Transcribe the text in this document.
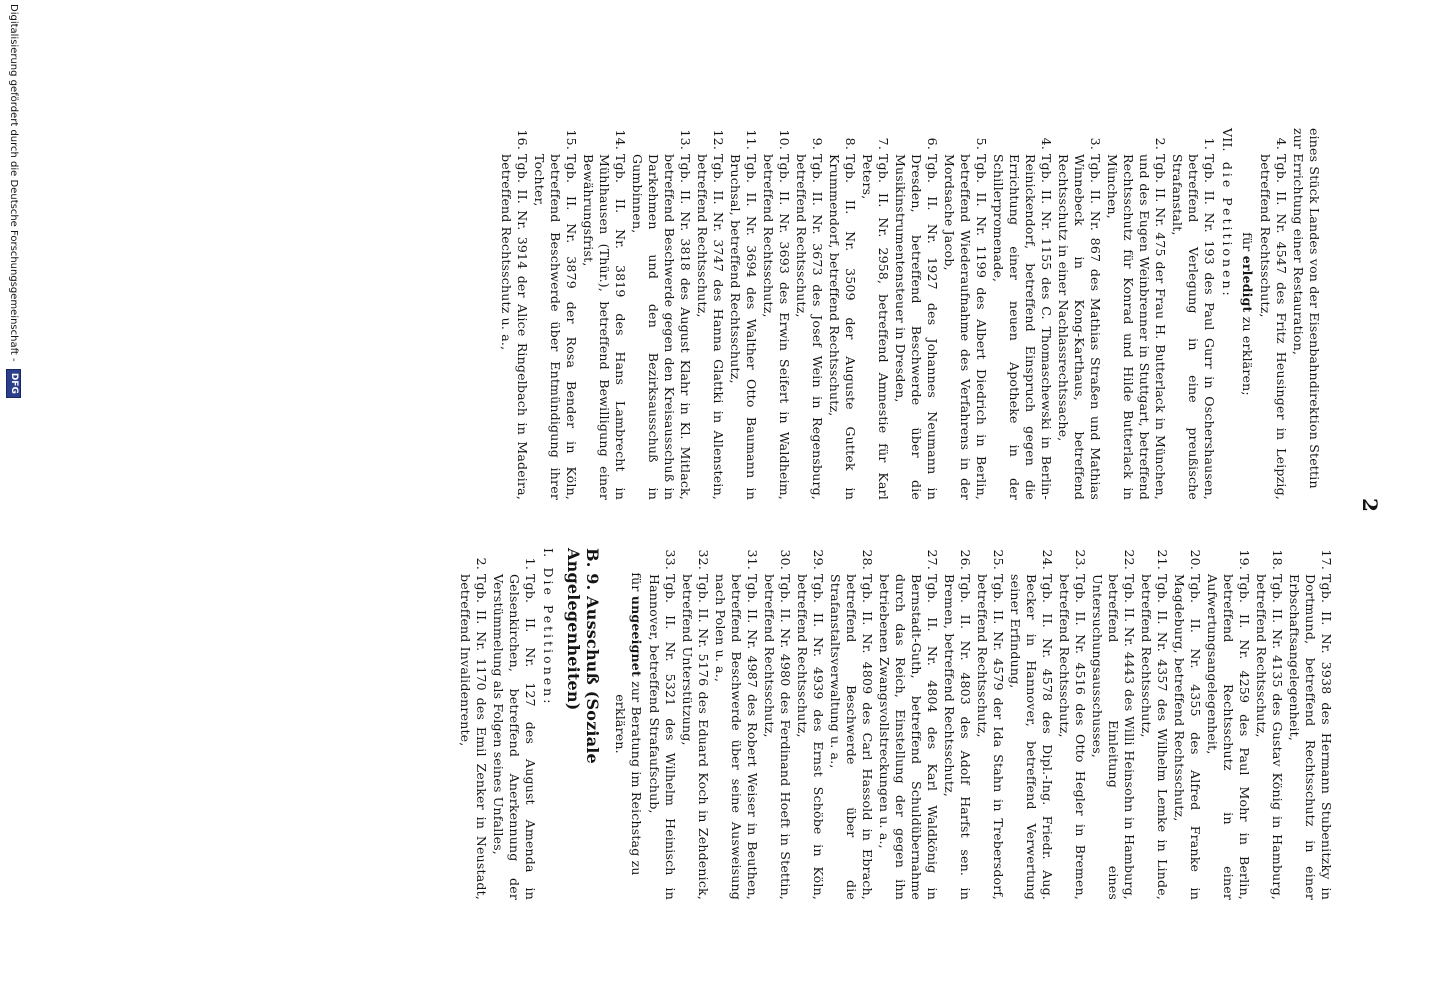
2

eines Stück Landes von der Eisenbahndirektion Stettin zur Errichtung einer Restauration,

4.
Tgb. II. Nr. 4547 des Fritz Heusinger in Leipzig, betreffend Rechtsschutz,
für erledigt zu erklären;
VII. die Petitionen:
1.
Tgb. II. Nr. 193 des Paul Gurr in Oschershausen, betreffend Verlegung in eine preußische Strafanstalt,
2.
Tgb. II. Nr. 475 der Frau H. Butterlack in München, und des Eugen Weinbrenner in Stuttgart, betreffend Rechtsschutz für Konrad und Hilde Butterlack in München,
3.
Tgb. II. Nr. 867 des Mathias Straßen und Mathias Winnebeck in Kong-Karthaus, betreffend Rechtsschutz in einer Nachlassrechtssache,
4.
Tgb. II. Nr. 1155 des C. Thomaschewski in Berlin-Reinickendorf, betreffend Einspruch gegen die Errichtung einer neuen Apotheke in der Schillerpromenade,
5.
Tgb. II. Nr. 1199 des Albert Diedrich in Berlin, betreffend Wiederaufnahme des Verfahrens in der Mordsache Jacob,
6.
Tgb. II. Nr. 1927 des Johannes Neumann in Dresden, betreffend Beschwerde über die Musikinstrumentensteuer in Dresden,
7.
Tgb. II. Nr. 2958, betreffend Amnestie für Karl Peters,
8.
Tgb. II. Nr. 3509 der Auguste Guttek in Krummendorf, betreffend Rechtsschutz,
9.
Tgb. II. Nr. 3673 des Josef Wein in Regensburg, betreffend Rechtsschutz,
10.
Tgb. II. Nr. 3693 des Erwin Seifert in Waldheim, betreffend Rechtsschutz,
11.
Tgb. II. Nr. 3694 des Walther Otto Baumann in Bruchsal, betreffend Rechtsschutz,
12.
Tgb. II. Nr. 3747 des Hanna Glattki in Allenstein, betreffend Rechtsschutz,
13.
Tgb. II. Nr. 3818 des August Klahr in Kl. Mitlack, betreffend Beschwerde gegen den Kreisausschuß in Darkehmen und den Bezirksausschuß in Gumbinnen,
14.
Tgb. II. Nr. 3819 des Hans Lambrecht in Mühlhausen (Thür.), betreffend Bewilligung einer Bewährungsfrist,
15.
Tgb. II. Nr. 3879 der Rosa Bender in Köln, betreffend Beschwerde über Entmündigung ihrer Tochter,
16.
Tgb. II. Nr. 3914 der Alice Ringelbach in Madeira, betreffend Rechtsschutz u. a.,
17.
Tgb. II. Nr. 3938 des Hermann Stubenitzky in Dortmund, betreffend Rechtsschutz in einer Erbschaftsangelegenheit,
18.
Tgb. II. Nr. 4135 des Gustav König in Hamburg, betreffend Rechtsschutz,
19.
Tgb. II. Nr. 4259 des Paul Mohr in Berlin, betreffend Rechtsschutz in einer Aufwertungsangelegenheit,
20.
Tgb. II. Nr. 4355 des Alfred Franke in Magdeburg, betreffend Rechtsschutz,
21.
Tgb. II. Nr. 4357 des Wilhelm Lemke in Linde, betreffend Rechtsschutz,
22.
Tgb. II. Nr. 4443 des Willi Heinsohn in Hamburg, betreffend Einleitung eines Untersuchungsausschusses,
23.
Tgb. II. Nr. 4516 des Otto Hegler in Bremen, betreffend Rechtsschutz,
24.
Tgb. II. Nr. 4578 des Dipl.-Ing. Friedr. Aug. Becker in Hannover, betreffend Verwertung seiner Erfindung,
25.
Tgb. II. Nr. 4579 der Ida Stahn in Trebersdorf, betreffend Rechtsschutz,
26.
Tgb. II. Nr. 4803 des Adolf Harfst sen. in Bremen, betreffend Rechtsschutz,
27.
Tgb. II. Nr. 4804 des Karl Waldkönig in Bernstadt-Guth, betreffend Schuldübernahme durch das Reich, Einstellung der gegen ihn betriebenen Zwangsvollstreckungen u. a.,
28.
Tgb. II. Nr. 4809 des Carl Hassold in Ebrach, betreffend Beschwerde über die Strafanstaltsverwaltung u. a.,
29.
Tgb. II. Nr. 4939 des Ernst Schöbe in Köln, betreffend Rechtsschutz,
30.
Tgb. II. Nr. 4980 des Ferdinand Hoeft in Stettin, betreffend Rechtsschutz,
31.
Tgb. II. Nr. 4987 des Robert Weiser in Beuthen, betreffend Beschwerde über seine Ausweisung nach Polen u. a.,
32.
Tgb. II. Nr. 5176 des Eduard Koch in Zehdenick, betreffend Unterstützung,
33.
Tgb. II. Nr. 5321 des Wilhelm Heinisch in Hannover, betreffend Strafaufschub,
für ungeeignet zur Beratung im Reichstag zu erklären.
B. 9. Ausschuß (Soziale Angelegenheiten)
I. Die Petitionen:
1.
Tgb. II. Nr. 127 des August Amenda in Gelsenkirchen, betreffend Anerkennung der Verstümmelung als Folgen seines Unfalles,
2.
Tgb. II. Nr. 1170 des Emil Zenker in Neustadt, betreffend Invalidenrente,
Digitalisierung gefördert durch die Deutsche Forschungsgemeinschaft - DFG
